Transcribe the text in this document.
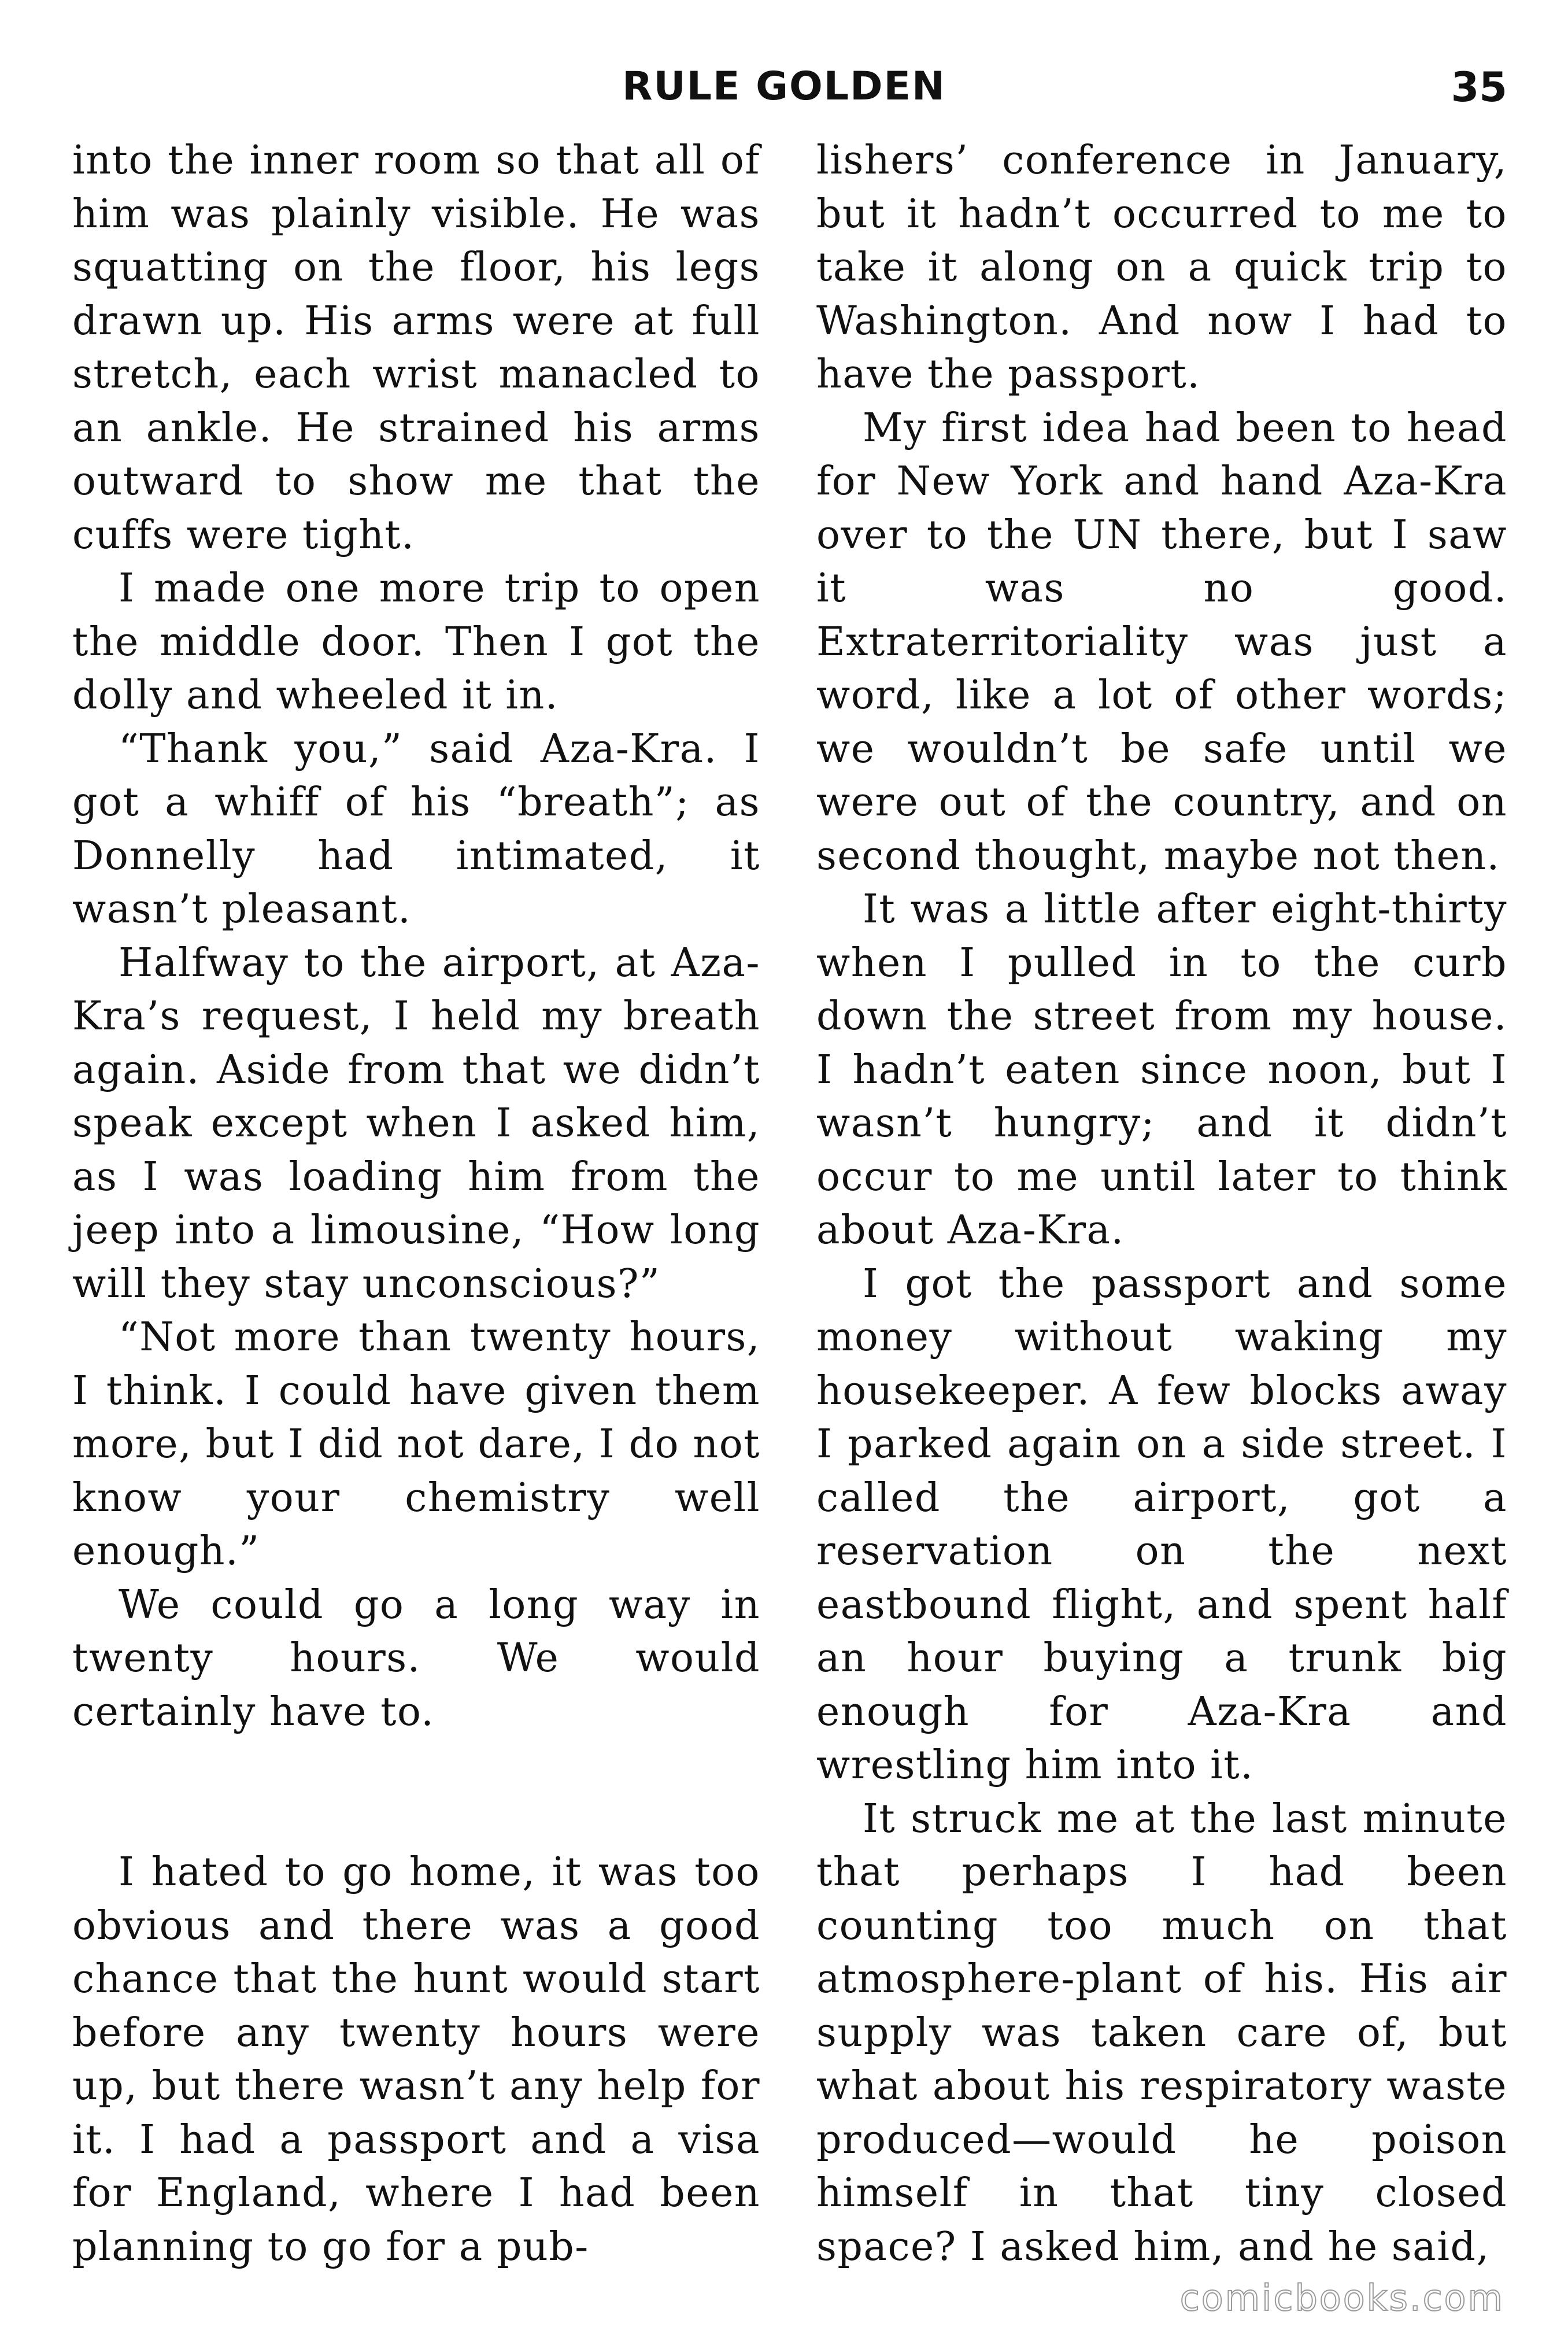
RULE GOLDEN	35

into the inner room so that all of him was plainly visible. He was squatting on the floor, his legs drawn up. His arms were at full stretch, each wrist manacled to an ankle. He strained his arms outward to show me that the cuffs were tight.

I made one more trip to open the middle door. Then I got the dolly and wheeled it in.

“Thank you,” said Aza-Kra. I got a whiff of his “breath”; as Donnelly had intimated, it wasn’t pleasant.

Halfway to the airport, at Aza-Kra’s request, I held my breath again. Aside from that we didn’t speak except when I asked him, as I was loading him from the jeep into a limousine, “How long will they stay unconscious?”

“Not more than twenty hours, I think. I could have given them more, but I did not dare, I do not know your chemistry well enough.”

We could go a long way in twenty hours. We would certainly have to.

I hated to go home, it was too obvious and there was a good chance that the hunt would start before any twenty hours were up, but there wasn’t any help for it. I had a passport and a visa for England, where I had been planning to go for a pub-

lishers’ conference in January, but it hadn’t occurred to me to take it along on a quick trip to Washington. And now I had to have the passport.

My first idea had been to head for New York and hand Aza-Kra over to the UN there, but I saw it was no good. Extraterritoriality was just a word, like a lot of other words; we wouldn’t be safe until we were out of the country, and on second thought, maybe not then.

It was a little after eight-thirty when I pulled in to the curb down the street from my house. I hadn’t eaten since noon, but I wasn’t hungry; and it didn’t occur to me until later to think about Aza-Kra.

I got the passport and some money without waking my housekeeper. A few blocks away I parked again on a side street. I called the airport, got a reservation on the next eastbound flight, and spent half an hour buying a trunk big enough for Aza-Kra and wrestling him into it.

It struck me at the last minute that perhaps I had been counting too much on that atmosphere-plant of his. His air supply was taken care of, but what about his respiratory waste produced—would he poison himself in that tiny closed space? I asked him, and he said,

comicbooks.com
